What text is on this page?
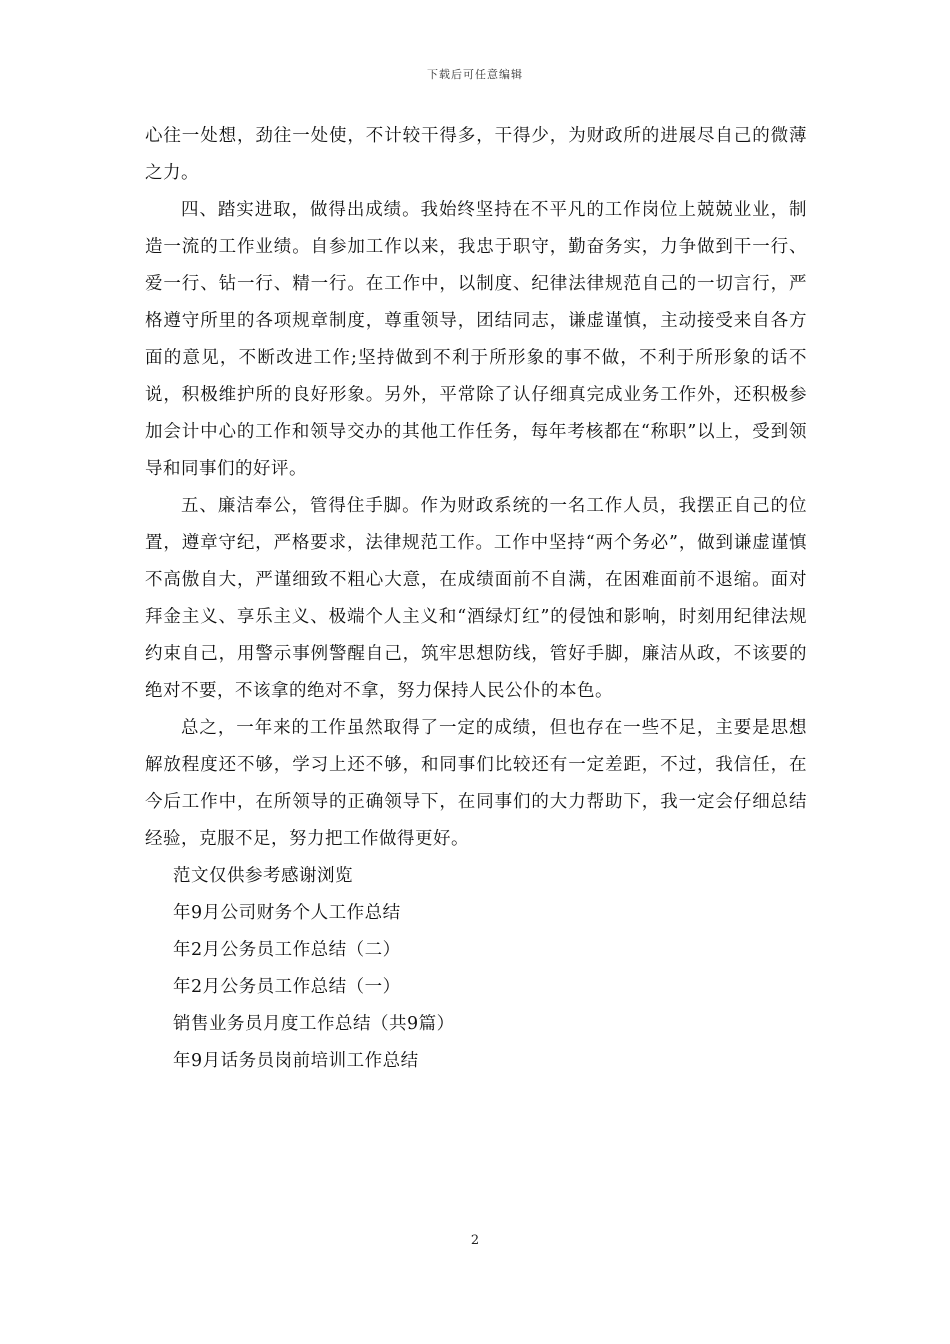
下载后可任意编辑

心往一处想，劲往一处使，不计较干得多，干得少，为财政所的进展尽自己的微薄之力。

四、踏实进取，做得出成绩。我始终坚持在不平凡的工作岗位上兢兢业业，制造一流的工作业绩。自参加工作以来，我忠于职守，勤奋务实，力争做到干一行、爱一行、钻一行、精一行。在工作中，以制度、纪律法律规范自己的一切言行，严格遵守所里的各项规章制度，尊重领导，团结同志，谦虚谨慎，主动接受来自各方面的意见，不断改进工作;坚持做到不利于所形象的事不做，不利于所形象的话不说，积极维护所的良好形象。另外，平常除了认仔细真完成业务工作外，还积极参加会计中心的工作和领导交办的其他工作任务，每年考核都在“称职”以上，受到领导和同事们的好评。

五、廉洁奉公，管得住手脚。作为财政系统的一名工作人员，我摆正自己的位置，遵章守纪，严格要求，法律规范工作。工作中坚持“两个务必”，做到谦虚谨慎不高傲自大，严谨细致不粗心大意，在成绩面前不自满，在困难面前不退缩。面对拜金主义、享乐主义、极端个人主义和“酒绿灯红”的侵蚀和影响，时刻用纪律法规约束自己，用警示事例警醒自己，筑牢思想防线，管好手脚，廉洁从政，不该要的绝对不要，不该拿的绝对不拿，努力保持人民公仆的本色。

总之，一年来的工作虽然取得了一定的成绩，但也存在一些不足，主要是思想解放程度还不够，学习上还不够，和同事们比较还有一定差距，不过，我信任，在今后工作中，在所领导的正确领导下，在同事们的大力帮助下，我一定会仔细总结经验，克服不足，努力把工作做得更好。

范文仅供参考感谢浏览

年9月公司财务个人工作总结

年2月公务员工作总结（二）

年2月公务员工作总结（一）

销售业务员月度工作总结（共9篇）

年9月话务员岗前培训工作总结

2
